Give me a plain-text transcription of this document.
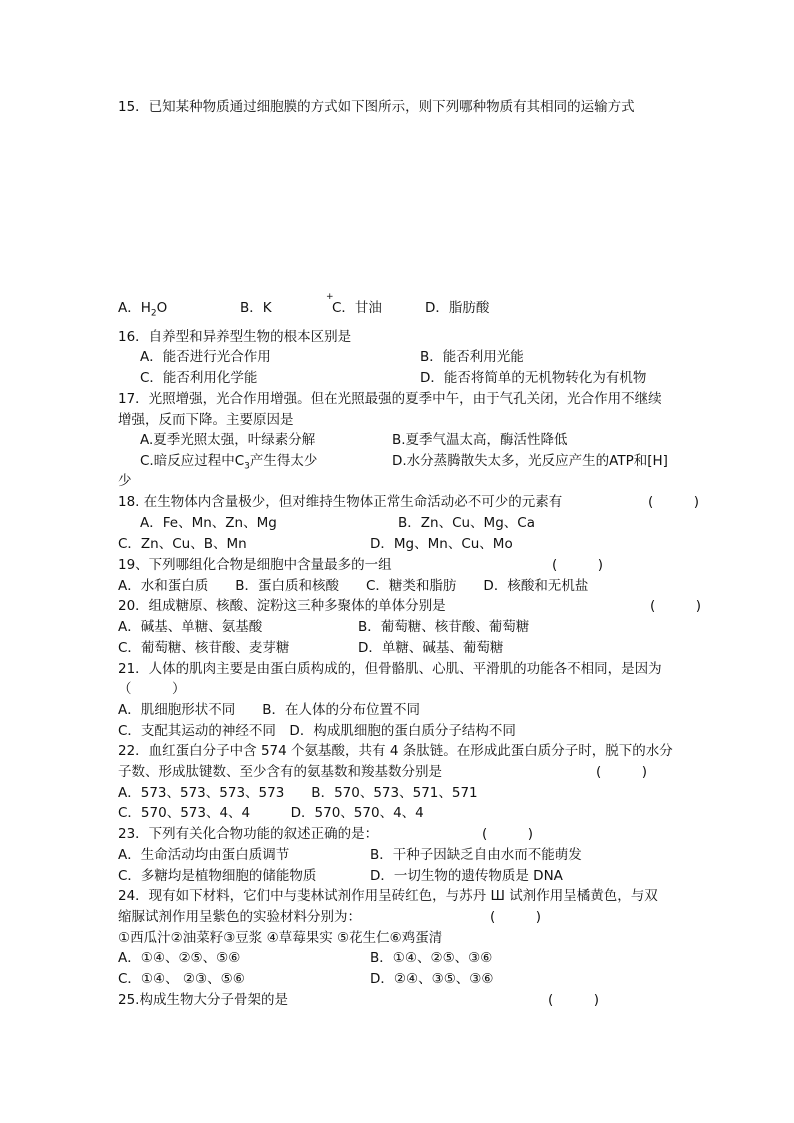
15．已知某种物质通过细胞膜的方式如下图所示，则下列哪种物质有其相同的运输方式
A．$H_2O$	B．K
+
C．甘油	D．脂肪酸
16．自养型和异养型生物的根本区别是
A．能否进行光合作用	B．能否利用光能
C．能否利用化学能	D．能否将简单的无机物转化为有机物
17．光照增强，光合作用增强。但在光照最强的夏季中午，由于气孔关闭，光合作用不继续
增强，反而下降。主要原因是
A.夏季光照太强，叶绿素分解	B.夏季气温太高，酶活性降低
C.暗反应过程中$C_3$产生得太少	D.水分蒸腾散失太多，光反应产生的ATP和[H]
少
18. 在生物体内含量极少，但对维持生物体正常生命活动必不可少的元素有	(　　　)
A．Fe、Mn、Zn、Mg	B．Zn、Cu、Mg、Ca
C．Zn、Cu、B、Mn	D．Mg、Mn、Cu、Mo
19、下列哪组化合物是细胞中含量最多的一组	(　　　)
A．水和蛋白质　　B．蛋白质和核酸　　C．糖类和脂肪　　D．核酸和无机盐
20．组成糖原、核酸、淀粉这三种多聚体的单体分别是	(　　　)
A．碱基、单糖、氨基酸	B．葡萄糖、核苷酸、葡萄糖
C．葡萄糖、核苷酸、麦芽糖	D．单糖、碱基、葡萄糖
21．人体的肌肉主要是由蛋白质构成的，但骨骼肌、心肌、平滑肌的功能各不相同，是因为
（　　　）
A．肌细胞形状不同　　B．在人体的分布位置不同
C．支配其运动的神经不同　D．构成肌细胞的蛋白质分子结构不同
22．血红蛋白分子中含 574 个氨基酸，共有 4 条肽链。在形成此蛋白质分子时，脱下的水分
子数、形成肽键数、至少含有的氨基数和羧基数分别是	(　　　)
A．573、573、573、573　　B．570、573、571、571
C．570、573、4、4　　　D．570、570、4、4
23．下列有关化合物功能的叙述正确的是：	(　　　)
A．生命活动均由蛋白质调节	B．干种子因缺乏自由水而不能萌发
C．多糖均是植物细胞的储能物质	D．一切生物的遗传物质是 DNA
24．现有如下材料，它们中与斐林试剂作用呈砖红色，与苏丹 Ш 试剂作用呈橘黄色，与双
缩脲试剂作用呈紫色的实验材料分别为：	(　　　)
①西瓜汁②油菜籽③豆浆 ④草莓果实 ⑤花生仁⑥鸡蛋清
A．①④、②⑤、⑤⑥	B．①④、②⑤、③⑥
C．①④、 ②③、⑤⑥	D．②④、③⑤、③⑥
25.构成生物大分子骨架的是	(　　　)
